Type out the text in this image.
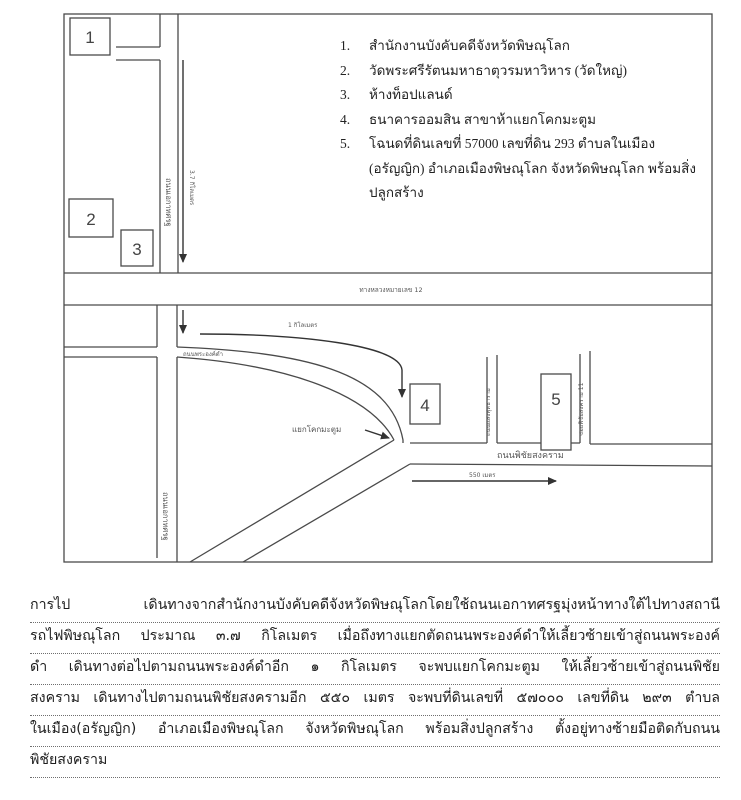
1
2
3
4	5
ถนนเอกาทศรฐ	3.7 กิโลเมตร
ทางหลวงหมายเลข 12
1 กิโลเมตร
ถนนพระองค์ดำ
ถนนเอกาทศรฐ
แยกโคกมะตูม	ถนนแสงพุทธาราม	ซอยพิชัยสงคราม 11
ถนนพิชัยสงคราม
550 เมตร
1.	สำนักงานบังคับคดีจังหวัดพิษณุโลก
2.	วัดพระศรีรัตนมหาธาตุวรมหาวิหาร (วัดใหญ่)
3.	ห้างท็อปแลนด์
4.	ธนาคารออมสิน สาขาห้าแยกโคกมะตูม
5.	โฉนดที่ดินเลขที่ 57000 เลขที่ดิน 293 ตำบลในเมือง
(อรัญญิก) อำเภอเมืองพิษณุโลก จังหวัดพิษณุโลก พร้อมสิ่ง
ปลูกสร้าง
การไป เดินทางจากสำนักงานบังคับคดีจังหวัดพิษณุโลกโดยใช้ถนนเอกาทศรฐมุ่งหน้าทางใต้ไปทางสถานี
รถไฟพิษณุโลก ประมาณ ๓.๗ กิโลเมตร เมื่อถึงทางแยกตัดถนนพระองค์ดำให้เลี้ยวซ้ายเข้าสู่ถนนพระองค์
ดำ เดินทางต่อไปตามถนนพระองค์ดำอีก ๑ กิโลเมตร จะพบแยกโคกมะตูม ให้เลี้ยวซ้ายเข้าสู่ถนนพิชัย
สงคราม เดินทางไปตามถนนพิชัยสงครามอีก ๕๕๐ เมตร จะพบที่ดินเลขที่ ๕๗๐๐๐ เลขที่ดิน ๒๙๓ ตำบล
ในเมือง(อรัญญิก) อำเภอเมืองพิษณุโลก จังหวัดพิษณุโลก พร้อมสิ่งปลูกสร้าง ตั้งอยู่ทางซ้ายมือติดกับถนน
พิชัยสงคราม
